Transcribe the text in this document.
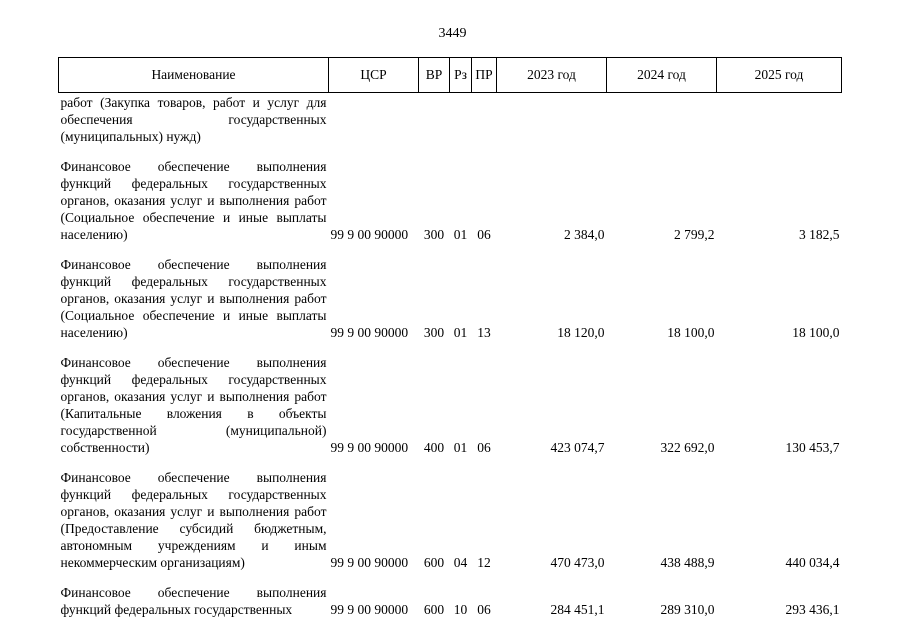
3449
Наименование	ЦСР	ВР	Рз	ПР	2023 год	2024 год	2025 год
работ (Закупка товаров, работ и услуг для обеспечения государственных (муниципальных) нужд)							
Финансовое обеспечение выполнения функций федеральных государственных органов, оказания услуг и выполнения работ (Социальное обеспечение и иные выплаты населению)	99 9 00 90000	300	01	06	2 384,0	2 799,2	3 182,5
Финансовое обеспечение выполнения функций федеральных государственных органов, оказания услуг и выполнения работ (Социальное обеспечение и иные выплаты населению)	99 9 00 90000	300	01	13	18 120,0	18 100,0	18 100,0
Финансовое обеспечение выполнения функций федеральных государственных органов, оказания услуг и выполнения работ (Капитальные вложения в объекты государственной (муниципальной) собственности)	99 9 00 90000	400	01	06	423 074,7	322 692,0	130 453,7
Финансовое обеспечение выполнения функций федеральных государственных органов, оказания услуг и выполнения работ (Предоставление субсидий бюджетным, автономным учреждениям и иным некоммерческим организациям)	99 9 00 90000	600	04	12	470 473,0	438 488,9	440 034,4
Финансовое обеспечение выполнения функций федеральных государственных	99 9 00 90000	600	10	06	284 451,1	289 310,0	293 436,1
